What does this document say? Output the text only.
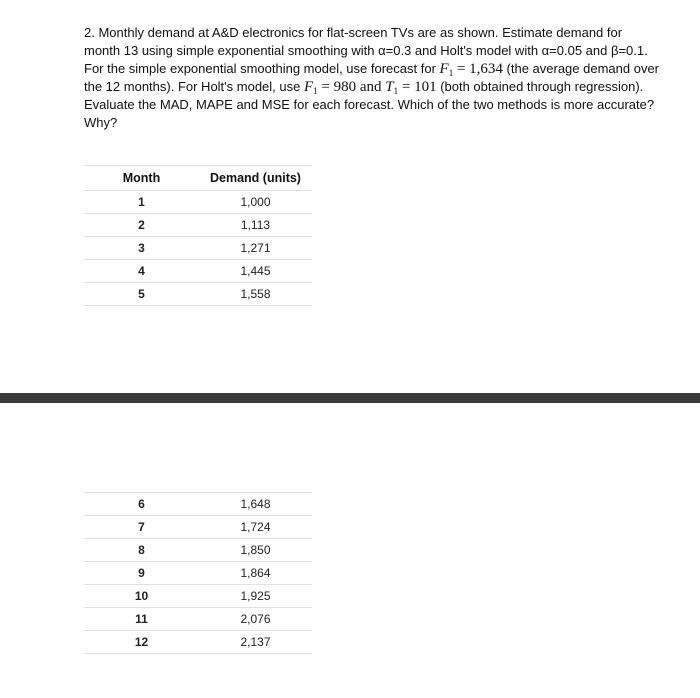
2. Monthly demand at A&D electronics for flat-screen TVs are as shown. Estimate demand for month 13 using simple exponential smoothing with α=0.3 and Holt's model with α=0.05 and β=0.1. For the simple exponential smoothing model, use forecast for $F_1 = 1,634$ (the average demand over the 12 months). For Holt's model, use $F_1 = 980$ and $T_1 = 101$ (both obtained through regression). Evaluate the MAD, MAPE and MSE for each forecast. Which of the two methods is more accurate? Why?
Month	Demand (units)
1	1,000
2	1,113
3	1,271
4	1,445
5	1,558
6	1,648
7	1,724
8	1,850
9	1,864
10	1,925
11	2,076
12	2,137
